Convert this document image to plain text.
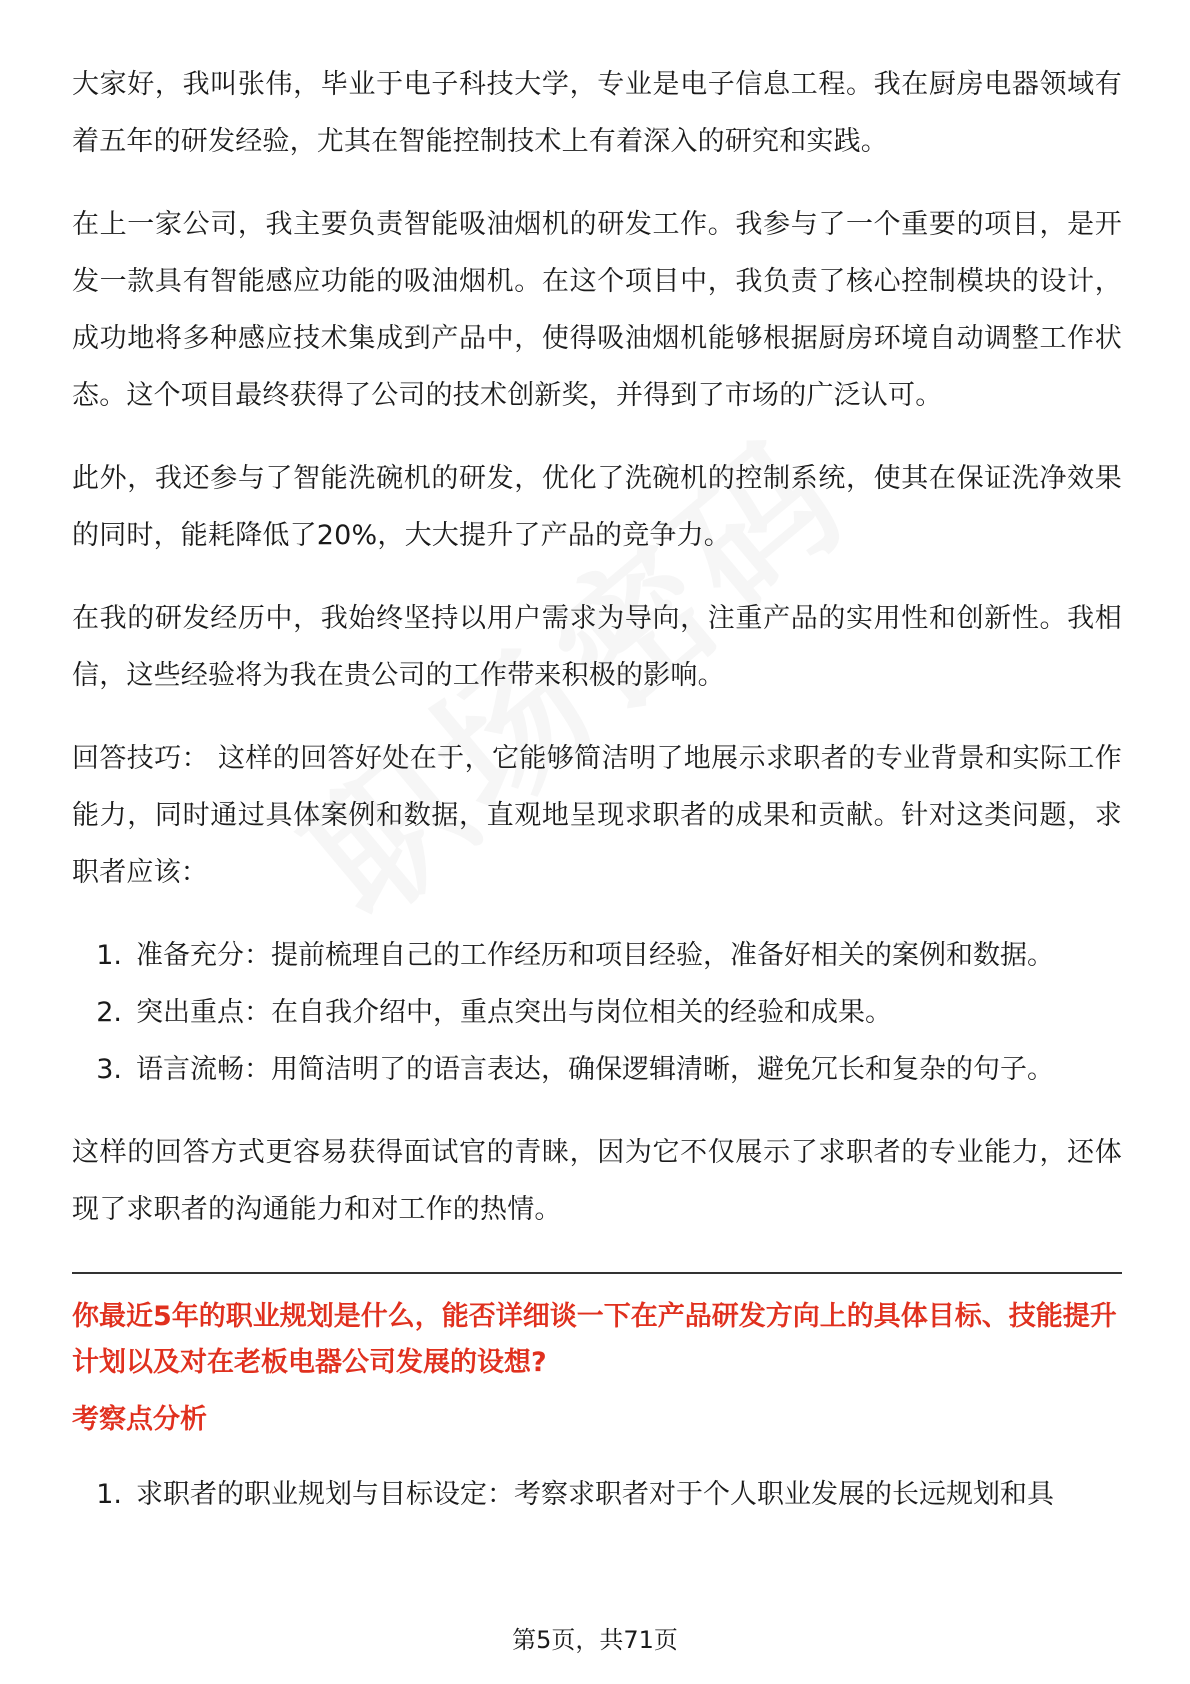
大家好，我叫张伟，毕业于电子科技大学，专业是电子信息工程。我在厨房电器领域有着五年的研发经验，尤其在智能控制技术上有着深入的研究和实践。

在上一家公司，我主要负责智能吸油烟机的研发工作。我参与了一个重要的项目，是开发一款具有智能感应功能的吸油烟机。在这个项目中，我负责了核心控制模块的设计，成功地将多种感应技术集成到产品中，使得吸油烟机能够根据厨房环境自动调整工作状态。这个项目最终获得了公司的技术创新奖，并得到了市场的广泛认可。

此外，我还参与了智能洗碗机的研发，优化了洗碗机的控制系统，使其在保证洗净效果的同时，能耗降低了20%，大大提升了产品的竞争力。

在我的研发经历中，我始终坚持以用户需求为导向，注重产品的实用性和创新性。我相信，这些经验将为我在贵公司的工作带来积极的影响。

回答技巧： 这样的回答好处在于，它能够简洁明了地展示求职者的专业背景和实际工作能力，同时通过具体案例和数据，直观地呈现求职者的成果和贡献。针对这类问题，求职者应该：

1. 准备充分：提前梳理自己的工作经历和项目经验，准备好相关的案例和数据。
2. 突出重点：在自我介绍中，重点突出与岗位相关的经验和成果。
3. 语言流畅：用简洁明了的语言表达，确保逻辑清晰，避免冗长和复杂的句子。

这样的回答方式更容易获得面试官的青睐，因为它不仅展示了求职者的专业能力，还体现了求职者的沟通能力和对工作的热情。

你最近5年的职业规划是什么，能否详细谈一下在产品研发方向上的具体目标、技能提升计划以及对在老板电器公司发展的设想?

考察点分析

1. 求职者的职业规划与目标设定：考察求职者对于个人职业发展的长远规划和具
第5页，共71页
